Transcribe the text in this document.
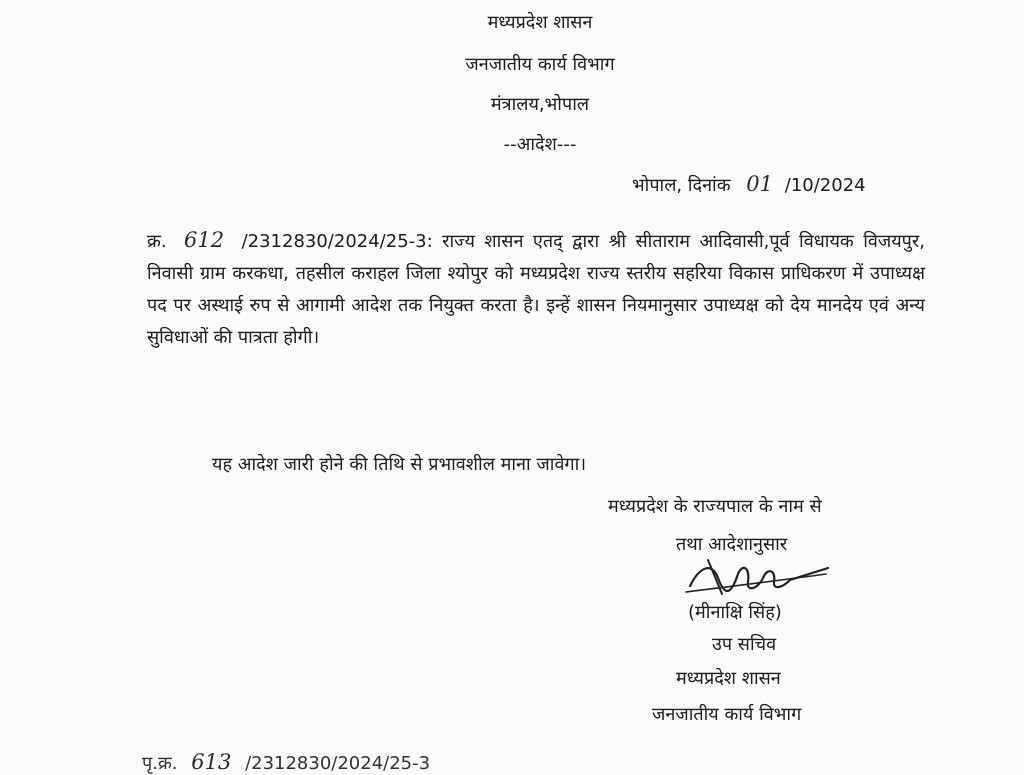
मध्यप्रदेश शासन
जनजातीय कार्य विभाग
मंत्रालय,भोपाल
--आदेश---
भोपाल, दिनांक 01 /10/2024
क्र. 612 /2312830/2024/25-3: राज्य शासन एतद् द्वारा श्री सीताराम आदिवासी,पूर्व विधायक विजयपुर, निवासी ग्राम करकधा, तहसील कराहल जिला श्योपुर को मध्यप्रदेश राज्य स्तरीय सहरिया विकास प्राधिकरण में उपाध्यक्ष पद पर अस्थाई रुप से आगामी आदेश तक नियुक्त करता है। इन्हें शासन नियमानुसार उपाध्यक्ष को देय मानदेय एवं अन्य सुविधाओं की पात्रता होगी।
यह आदेश जारी होने की तिथि से प्रभावशील माना जावेगा।
मध्यप्रदेश के राज्यपाल के नाम से
तथा आदेशानुसार
(मीनाक्षि सिंह)
उप सचिव
मध्यप्रदेश शासन
जनजातीय कार्य विभाग
पृ.क्र. 613 /2312830/2024/25-3
